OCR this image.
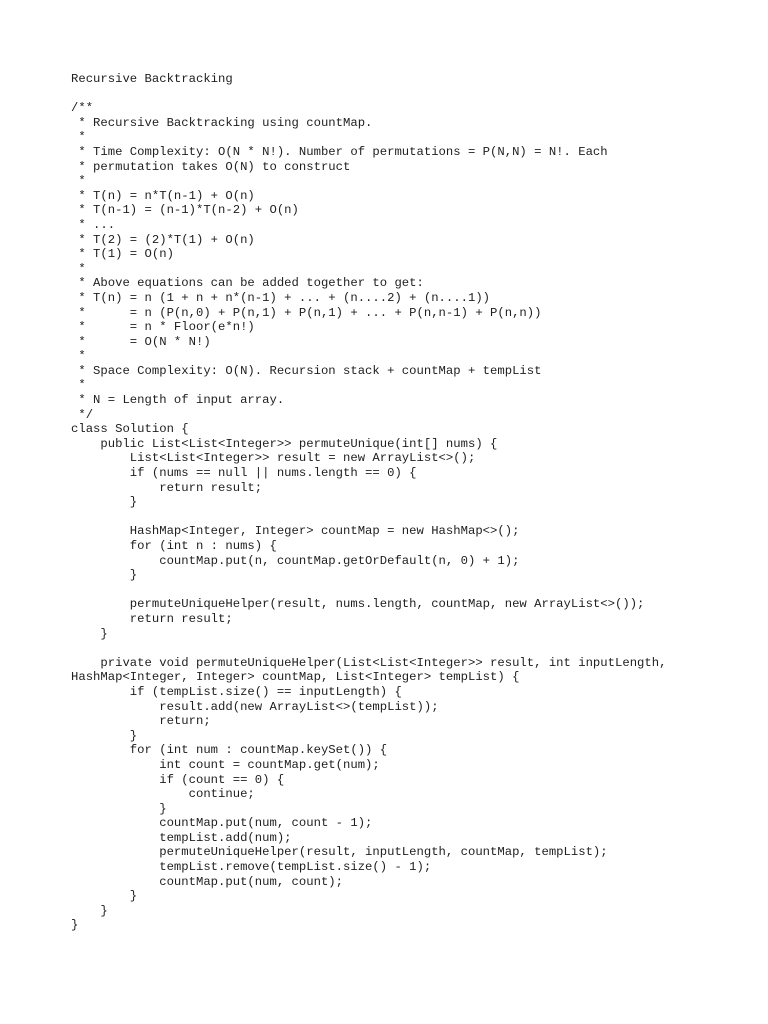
Recursive Backtracking
/**
* Recursive Backtracking using countMap.
*
* Time Complexity: O(N * N!). Number of permutations = P(N,N) = N!. Each
* permutation takes O(N) to construct
*
* T(n) = n*T(n-1) + O(n)
* T(n-1) = (n-1)*T(n-2) + O(n)
* ...
* T(2) = (2)*T(1) + O(n)
* T(1) = O(n)
*
* Above equations can be added together to get:
* T(n) = n (1 + n + n*(n-1) + ... + (n....2) + (n....1))
*      = n (P(n,0) + P(n,1) + P(n,1) + ... + P(n,n-1) + P(n,n))
*      = n * Floor(e*n!)
*      = O(N * N!)
*
* Space Complexity: O(N). Recursion stack + countMap + tempList
*
* N = Length of input array.
*/
class Solution {
public List<List<Integer>> permuteUnique(int[] nums) {
List<List<Integer>> result = new ArrayList<>();
if (nums == null || nums.length == 0) {
return result;
}
HashMap<Integer, Integer> countMap = new HashMap<>();
for (int n : nums) {
countMap.put(n, countMap.getOrDefault(n, 0) + 1);
}
permuteUniqueHelper(result, nums.length, countMap, new ArrayList<>());
return result;
}
private void permuteUniqueHelper(List<List<Integer>> result, int inputLength,
HashMap<Integer, Integer> countMap, List<Integer> tempList) {
if (tempList.size() == inputLength) {
result.add(new ArrayList<>(tempList));
return;
}
for (int num : countMap.keySet()) {
int count = countMap.get(num);
if (count == 0) {
continue;
}
countMap.put(num, count - 1);
tempList.add(num);
permuteUniqueHelper(result, inputLength, countMap, tempList);
tempList.remove(tempList.size() - 1);
countMap.put(num, count);
}
}
}
